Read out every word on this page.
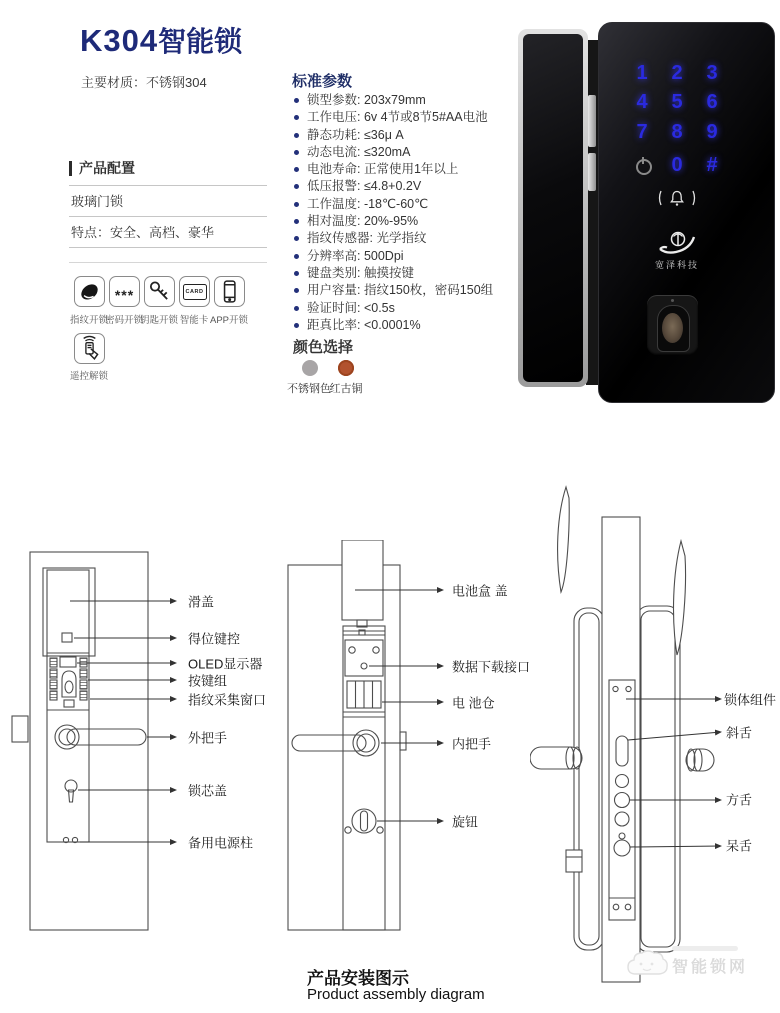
K304智能锁
主要材质：不锈钢304
产品配置
玻璃门锁
特点：安全、高档、豪华
***	CARD
指纹开锁
密码开锁
钥匙开锁 智能卡 APP开锁
遥控解锁
标准参数
锁型参数: 203x79mm
工作电压: 6v 4节或8节5#AA电池
静态功耗: ≤36μ A
动态电流: ≤320mA
电池寿命: 正常使用1年以上
低压报警: ≤4.8+0.2V
工作温度: -18℃-60℃
相对温度: 20%-95%
指纹传感器: 光学指纹
分辨率高: 500Dpi
键盘类别: 触摸按键
用户容量: 指纹150枚，密码150组
验证时间: <0.5s
距真比率: <0.0001%
颜色选择
不锈钢色
红古铜
1	2	3
4	5	6
7	8	9
0	#
宽泽科技
滑盖
得位键控
OLED显示器
按键组
指纹采集窗口
外把手
锁芯盖
备用电源柱
电池盒 盖
数据下载接口
电 池仓
内把手
旋钮
锁体组件
斜舌
方舌
呆舌
产品安装图示
Product assembly diagram
智能锁网
